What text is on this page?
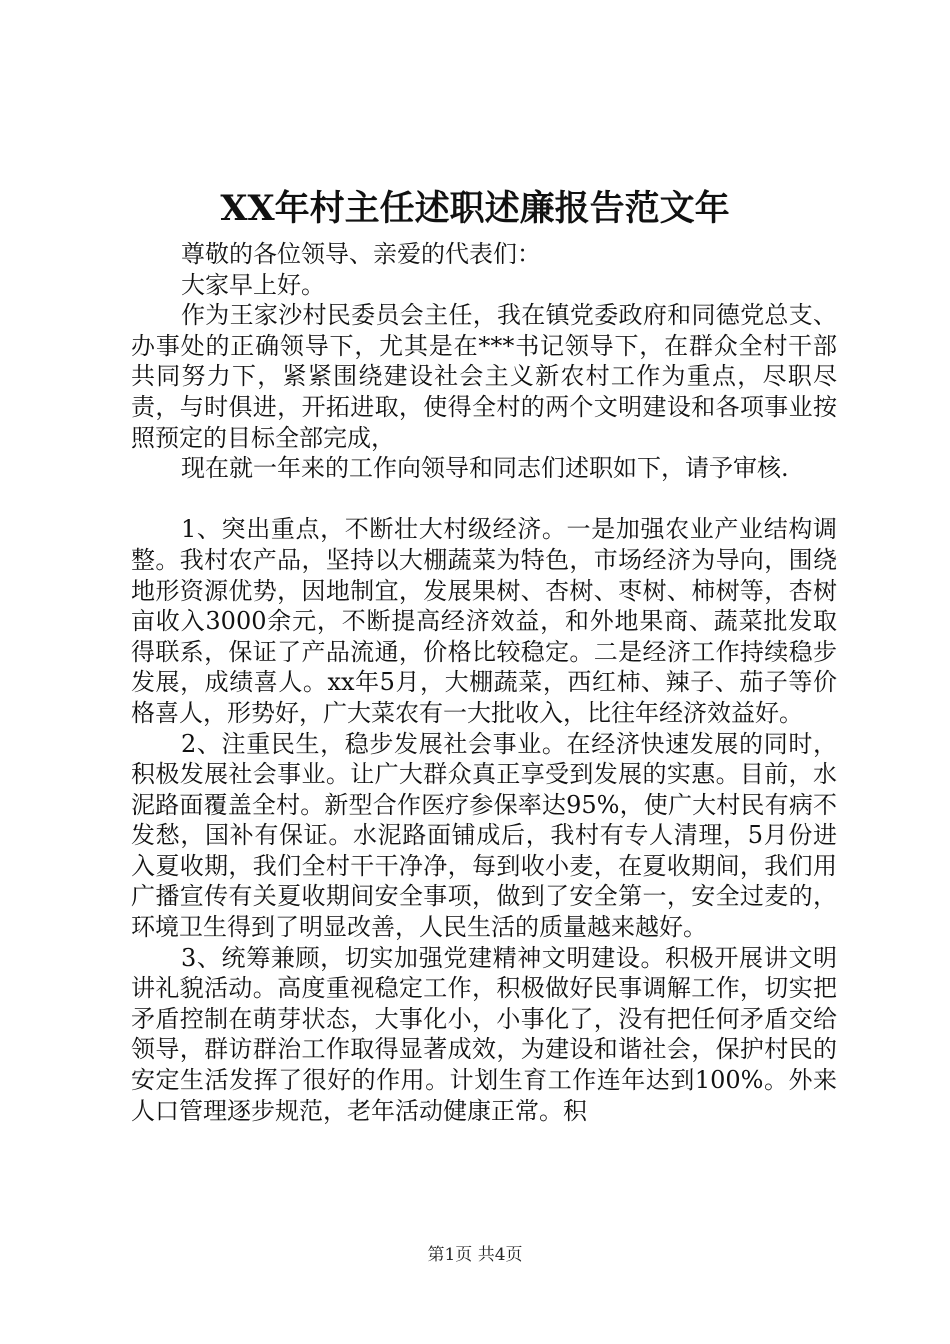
XX年村主任述职述廉报告范文年

尊敬的各位领导、亲爱的代表们：

大家早上好。

作为王家沙村民委员会主任，我在镇党委政府和同德党总支、办事处的正确领导下，尤其是在***书记领导下，在群众全村干部共同努力下，紧紧围绕建设社会主义新农村工作为重点，尽职尽责，与时俱进，开拓进取，使得全村的两个文明建设和各项事业按照预定的目标全部完成，

现在就一年来的工作向领导和同志们述职如下，请予审核.

1、突出重点，不断壮大村级经济。一是加强农业产业结构调整。我村农产品，坚持以大棚蔬菜为特色，市场经济为导向，围绕地形资源优势，因地制宜，发展果树、杏树、枣树、柿树等，杏树亩收入3000余元，不断提高经济效益，和外地果商、蔬菜批发取得联系，保证了产品流通，价格比较稳定。二是经济工作持续稳步发展，成绩喜人。xx年5月，大棚蔬菜，西红柿、辣子、茄子等价格喜人，形势好，广大菜农有一大批收入，比往年经济效益好。

2、注重民生，稳步发展社会事业。在经济快速发展的同时，积极发展社会事业。让广大群众真正享受到发展的实惠。目前，水泥路面覆盖全村。新型合作医疗参保率达95%，使广大村民有病不发愁，国补有保证。水泥路面铺成后，我村有专人清理，5月份进入夏收期，我们全村干干净净，每到收小麦，在夏收期间，我们用广播宣传有关夏收期间安全事项，做到了安全第一，安全过麦的，环境卫生得到了明显改善，人民生活的质量越来越好。

3、统筹兼顾，切实加强党建精神文明建设。积极开展讲文明讲礼貌活动。高度重视稳定工作，积极做好民事调解工作，切实把矛盾控制在萌芽状态，大事化小，小事化了，没有把任何矛盾交给领导，群访群治工作取得显著成效，为建设和谐社会，保护村民的安定生活发挥了很好的作用。计划生育工作连年达到100%。外来人口管理逐步规范，老年活动健康正常。积

第1页 共4页
